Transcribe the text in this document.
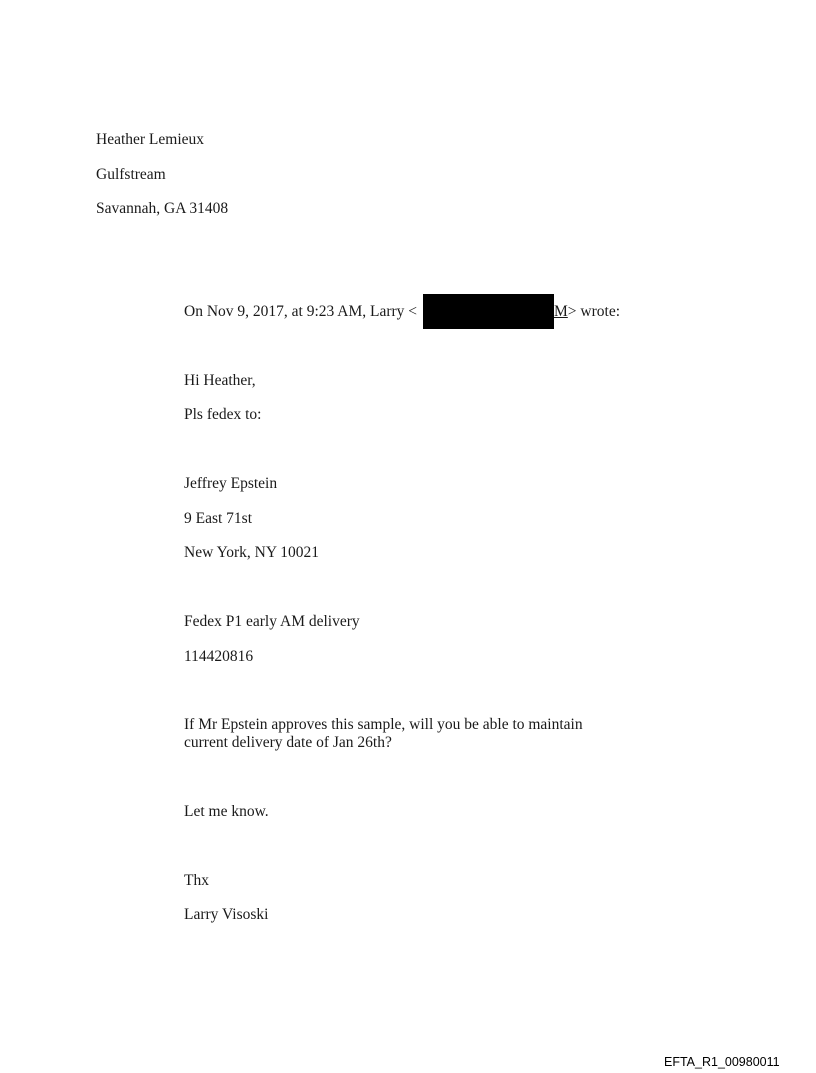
Heather Lemieux
Gulfstream
Savannah, GA 31408
On Nov 9, 2017, at 9:23 AM, Larry <	M> wrote:
Hi Heather,
Pls fedex to:
Jeffrey Epstein
9 East 71st
New York, NY 10021
Fedex P1 early AM delivery
114420816
If Mr Epstein approves this sample, will you be able to maintain current delivery date of Jan 26th?
Let me know.
Thx
Larry Visoski
EFTA_R1_00980011
